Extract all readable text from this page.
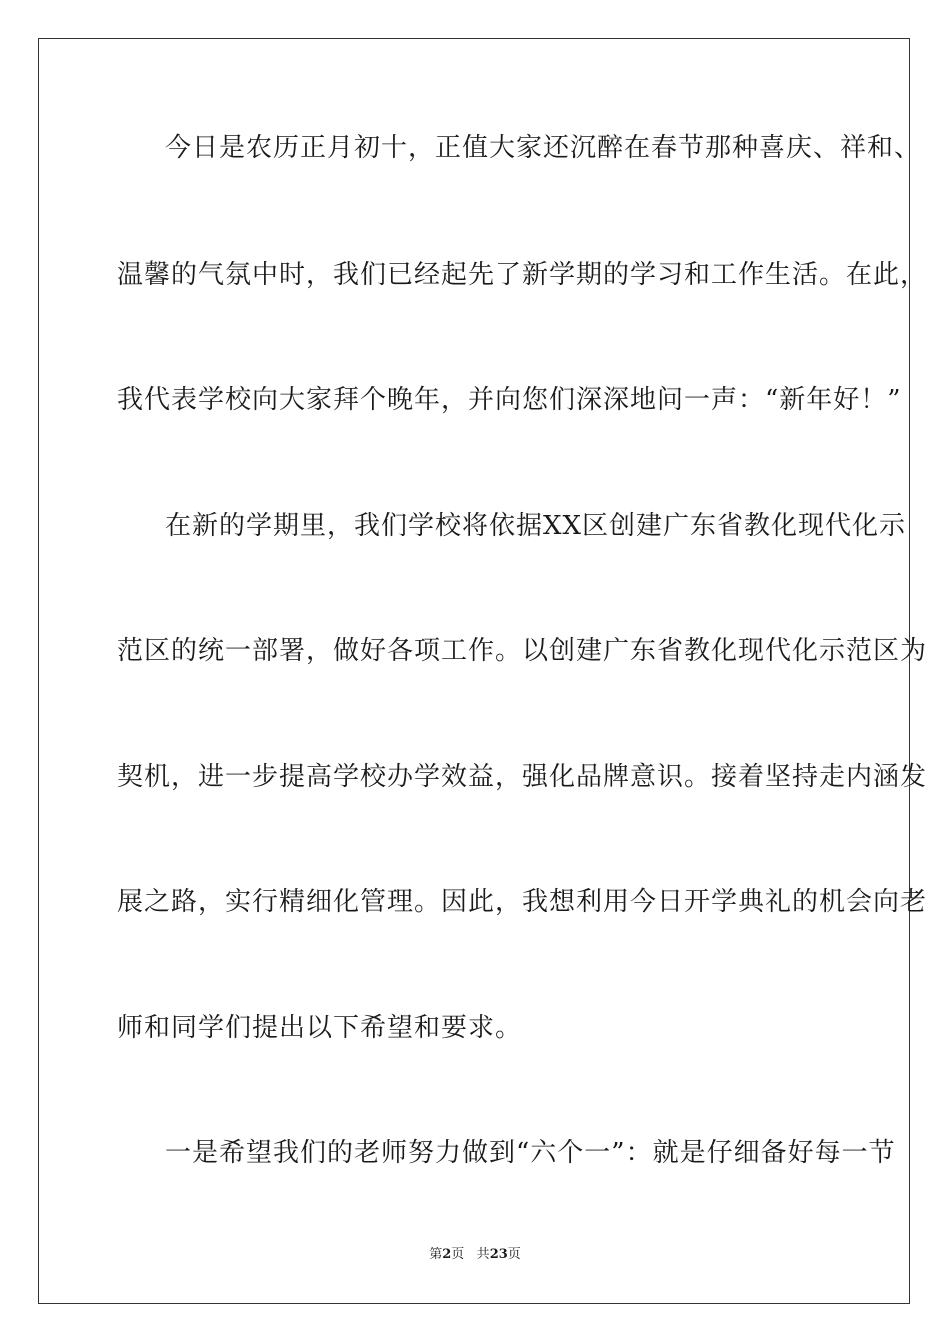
今日是农历正月初十，正值大家还沉醉在春节那种喜庆、祥和、
温馨的气氛中时，我们已经起先了新学期的学习和工作生活。在此，
我代表学校向大家拜个晚年，并向您们深深地问一声：“新年好！”
在新的学期里，我们学校将依据XX区创建广东省教化现代化示
范区的统一部署，做好各项工作。以创建广东省教化现代化示范区为
契机，进一步提高学校办学效益，强化品牌意识。接着坚持走内涵发
展之路，实行精细化管理。因此，我想利用今日开学典礼的机会向老
师和同学们提出以下希望和要求。
一是希望我们的老师努力做到“六个一”：就是仔细备好每一节
第2页 共23页
